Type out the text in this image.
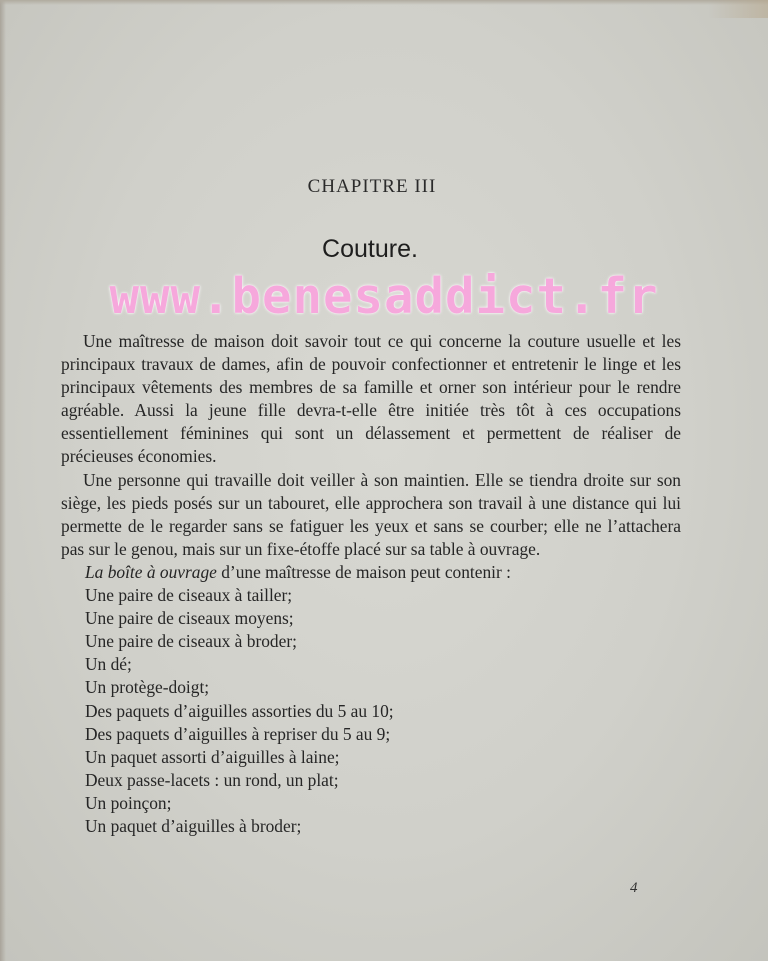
CHAPITRE III
Couture.
www.benesaddict.fr

Une maîtresse de maison doit savoir tout ce qui concerne la couture usuelle et les principaux travaux de dames, afin de pouvoir confectionner et entretenir le linge et les principaux vêtements des membres de sa famille et orner son intérieur pour le rendre agréable. Aussi la jeune fille devra-t-elle être initiée très tôt à ces occupations essentiellement féminines qui sont un délassement et permettent de réaliser de précieuses économies.

Une personne qui travaille doit veiller à son maintien. Elle se tiendra droite sur son siège, les pieds posés sur un tabouret, elle approchera son travail à une distance qui lui permette de le regarder sans se fatiguer les yeux et sans se courber; elle ne l’attachera pas sur le genou, mais sur un fixe-étoffe placé sur sa table à ouvrage.

La boîte à ouvrage d’une maîtresse de maison peut contenir :
Une paire de ciseaux à tailler;
Une paire de ciseaux moyens;
Une paire de ciseaux à broder;
Un dé;
Un protège-doigt;
Des paquets d’aiguilles assorties du 5 au 10;
Des paquets d’aiguilles à repriser du 5 au 9;
Un paquet assorti d’aiguilles à laine;
Deux passe-lacets : un rond, un plat;
Un poinçon;
Un paquet d’aiguilles à broder;
4
